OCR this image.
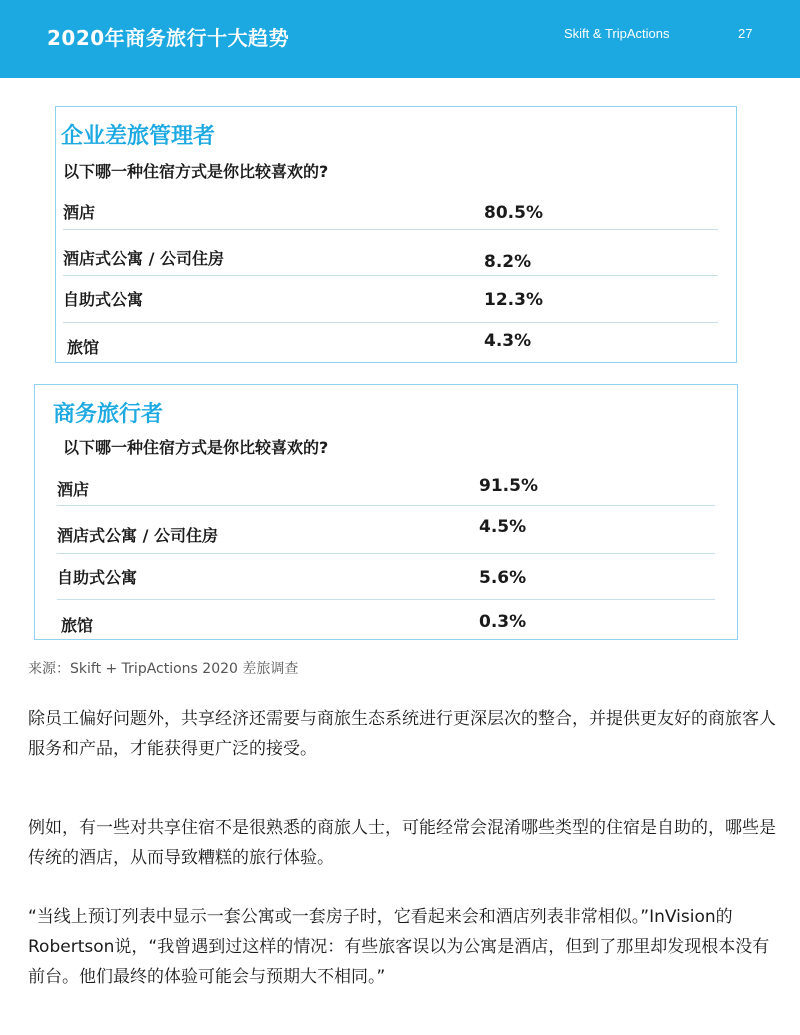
2020年商务旅行十大趋势	Skift & TripActions	27
企业差旅管理者
以下哪一种住宿方式是你比较喜欢的?
酒店	80.5%
酒店式公寓 / 公司住房	8.2%
自助式公寓	12.3%
旅馆	4.3%
商务旅行者
以下哪一种住宿方式是你比较喜欢的?
酒店	91.5%
酒店式公寓 / 公司住房	4.5%
自助式公寓	5.6%
旅馆	0.3%
来源：Skift + TripActions 2020 差旅调查
除员工偏好问题外，共享经济还需要与商旅生态系统进行更深层次的整合，并提供更友好的商旅客人服务和产品，才能获得更广泛的接受。
例如，有一些对共享住宿不是很熟悉的商旅人士，可能经常会混淆哪些类型的住宿是自助的，哪些是传统的酒店，从而导致糟糕的旅行体验。
“当线上预订列表中显示一套公寓或一套房子时，它看起来会和酒店列表非常相似。”InVision的Robertson说，“我曾遇到过这样的情况：有些旅客误以为公寓是酒店，但到了那里却发现根本没有前台。他们最终的体验可能会与预期大不相同。”
